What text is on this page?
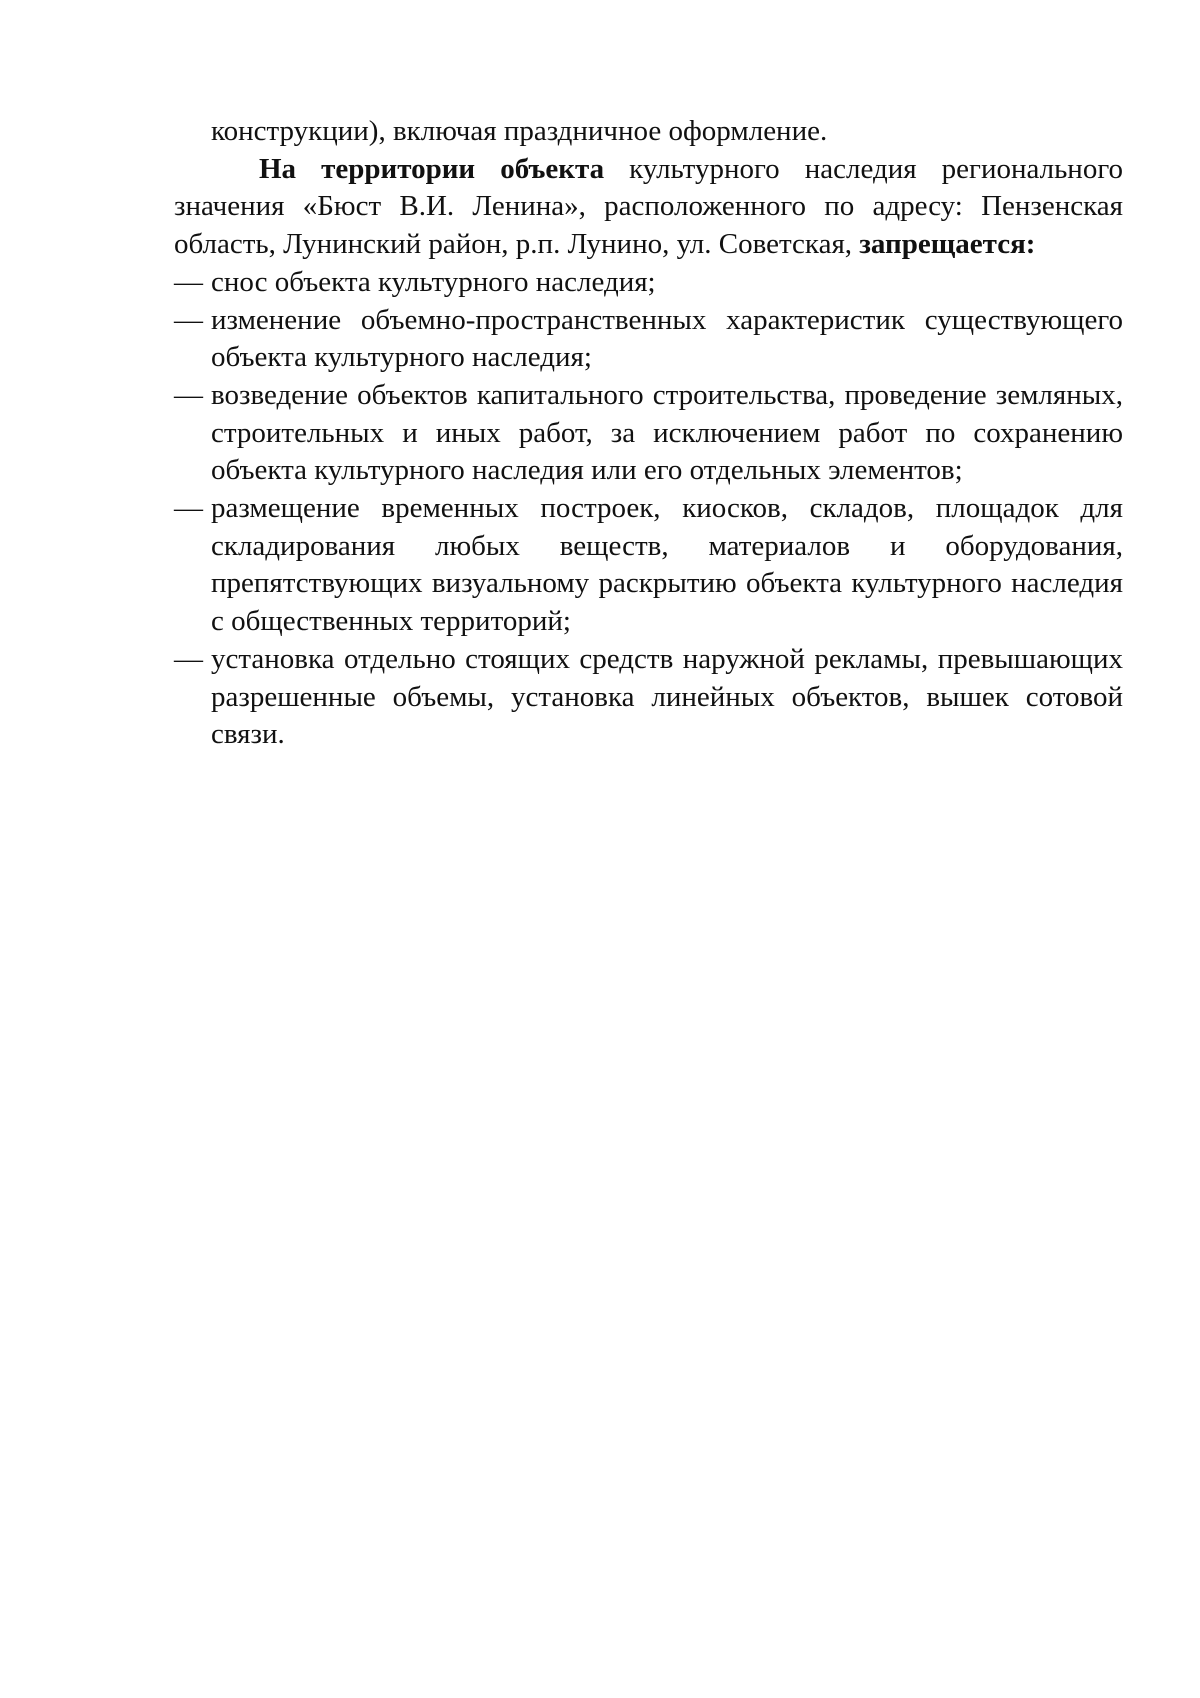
конструкции), включая праздничное оформление.

На территории объекта культурного наследия регионального значения «Бюст В.И. Ленина», расположенного по адресу: Пензенская область, Лунинский район, р.п. Лунино, ул. Советская, запрещается:

— снос объекта культурного наследия;
— изменение объемно-пространственных характеристик существующего объекта культурного наследия;
— возведение объектов капитального строительства, проведение земляных, строительных и иных работ, за исключением работ по сохранению объекта культурного наследия или его отдельных элементов;
— размещение временных построек, киосков, складов, площадок для складирования любых веществ, материалов и оборудования, препятствующих визуальному раскрытию объекта культурного наследия с общественных территорий;
— установка отдельно стоящих средств наружной рекламы, превышающих разрешенные объемы, установка линейных объектов, вышек сотовой связи.
